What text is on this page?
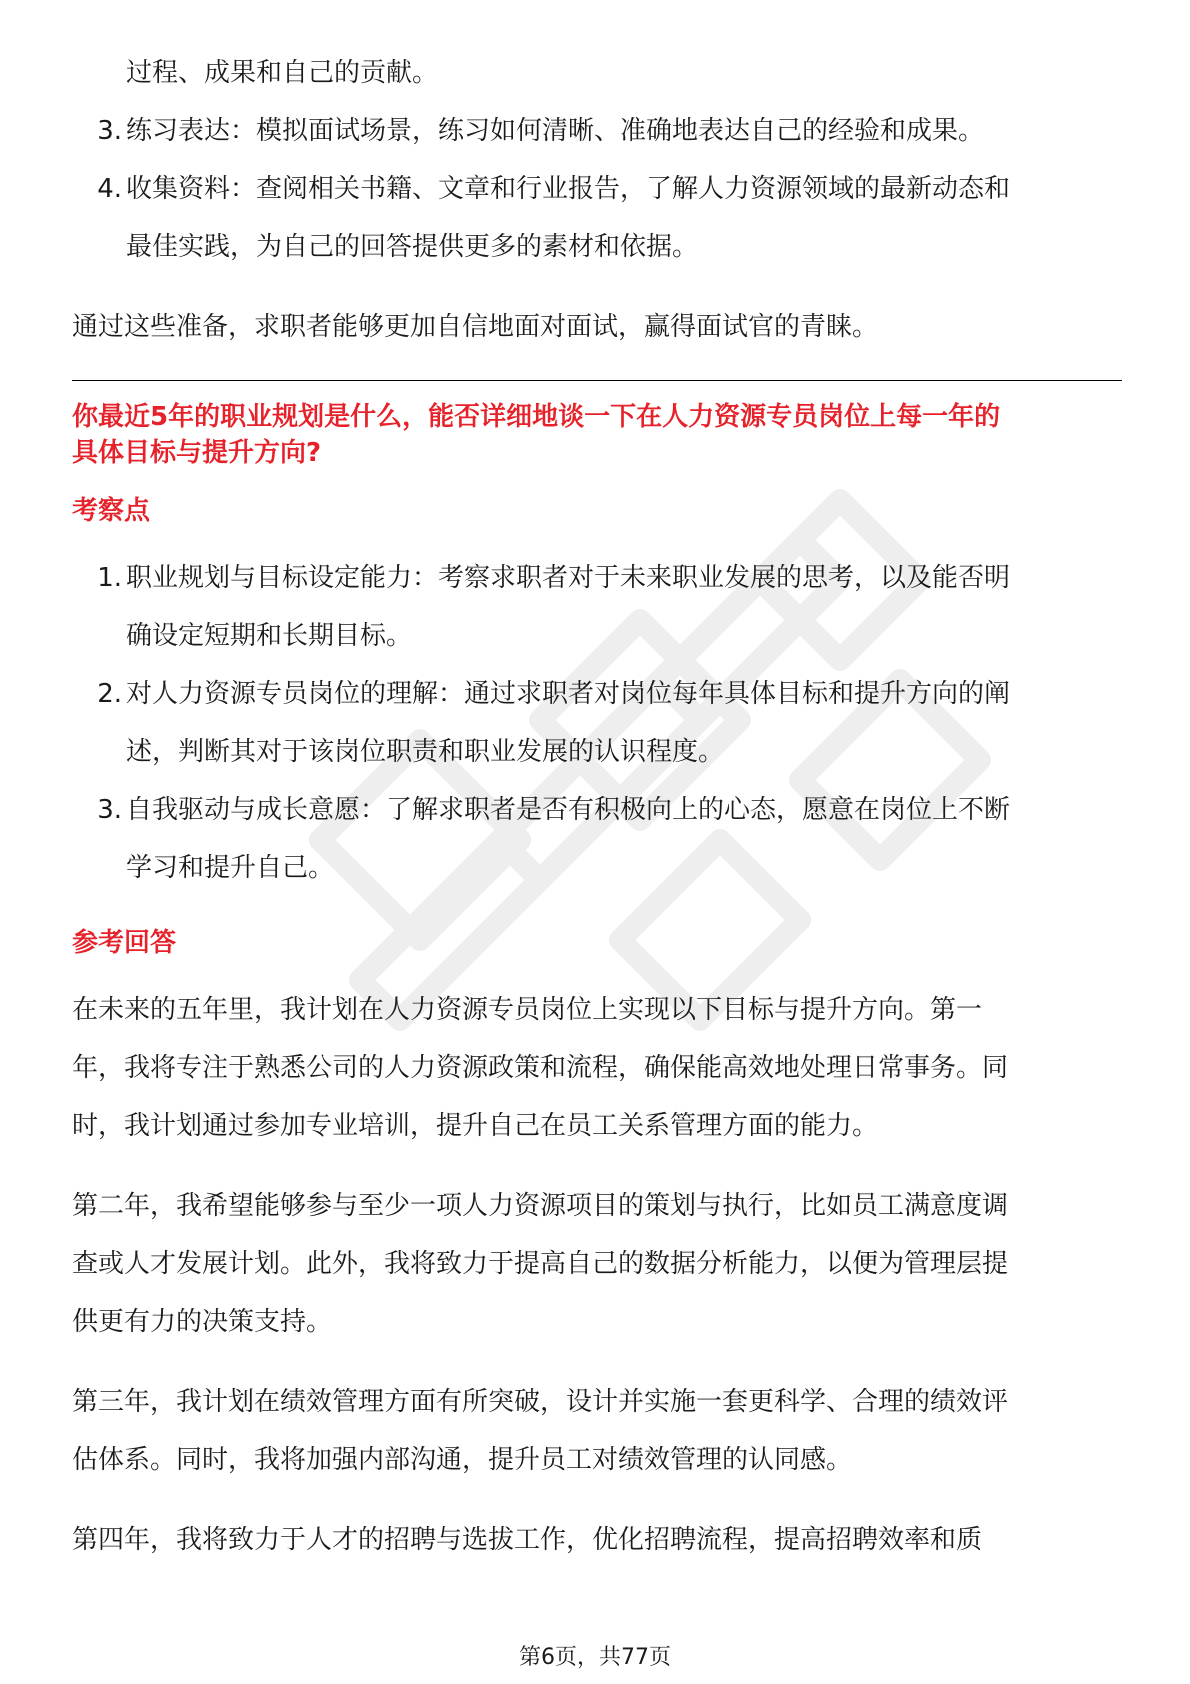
过程、成果和自己的贡献。
3. 练习表达：模拟面试场景，练习如何清晰、准确地表达自己的经验和成果。
4. 收集资料：查阅相关书籍、文章和行业报告，了解人力资源领域的最新动态和
最佳实践，为自己的回答提供更多的素材和依据。

通过这些准备，求职者能够更加自信地面对面试，赢得面试官的青睐。

你最近5年的职业规划是什么，能否详细地谈一下在人力资源专员岗位上每一年的

具体目标与提升方向?

考察点

1. 职业规划与目标设定能力：考察求职者对于未来职业发展的思考，以及能否明
确设定短期和长期目标。
2. 对人力资源专员岗位的理解：通过求职者对岗位每年具体目标和提升方向的阐
述，判断其对于该岗位职责和职业发展的认识程度。
3. 自我驱动与成长意愿：了解求职者是否有积极向上的心态，愿意在岗位上不断
学习和提升自己。

参考回答

在未来的五年里，我计划在人力资源专员岗位上实现以下目标与提升方向。第一

年，我将专注于熟悉公司的人力资源政策和流程，确保能高效地处理日常事务。同

时，我计划通过参加专业培训，提升自己在员工关系管理方面的能力。

第二年，我希望能够参与至少一项人力资源项目的策划与执行，比如员工满意度调

查或人才发展计划。此外，我将致力于提高自己的数据分析能力，以便为管理层提

供更有力的决策支持。

第三年，我计划在绩效管理方面有所突破，设计并实施一套更科学、合理的绩效评

估体系。同时，我将加强内部沟通，提升员工对绩效管理的认同感。

第四年，我将致力于人才的招聘与选拔工作，优化招聘流程，提高招聘效率和质

第6页，共77页
